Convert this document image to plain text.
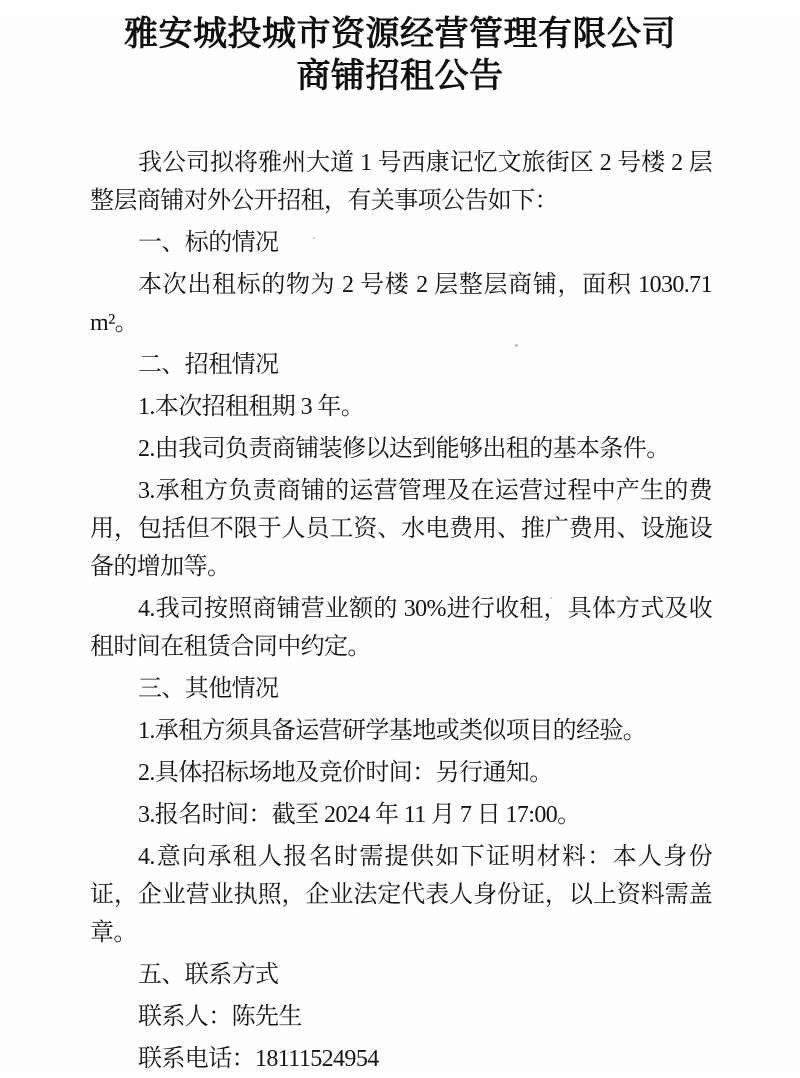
雅安城投城市资源经营管理有限公司
商铺招租公告

我公司拟将雅州大道 1 号西康记忆文旅街区 2 号楼 2 层整层商铺对外公开招租，有关事项公告如下：

一、标的情况

本次出租标的物为 2 号楼 2 层整层商铺，面积 1030.71 m²。

二、招租情况

1.本次招租租期 3 年。

2.由我司负责商铺装修以达到能够出租的基本条件。

3.承租方负责商铺的运营管理及在运营过程中产生的费用，包括但不限于人员工资、水电费用、推广费用、设施设备的增加等。

4.我司按照商铺营业额的 30%进行收租，具体方式及收租时间在租赁合同中约定。

三、其他情况

1.承租方须具备运营研学基地或类似项目的经验。

2.具体招标场地及竞价时间：另行通知。

3.报名时间：截至 2024 年 11 月 7 日 17:00。

4.意向承租人报名时需提供如下证明材料：本人身份证，企业营业执照，企业法定代表人身份证，以上资料需盖章。

五、联系方式

联系人：陈先生

联系电话：18111524954
